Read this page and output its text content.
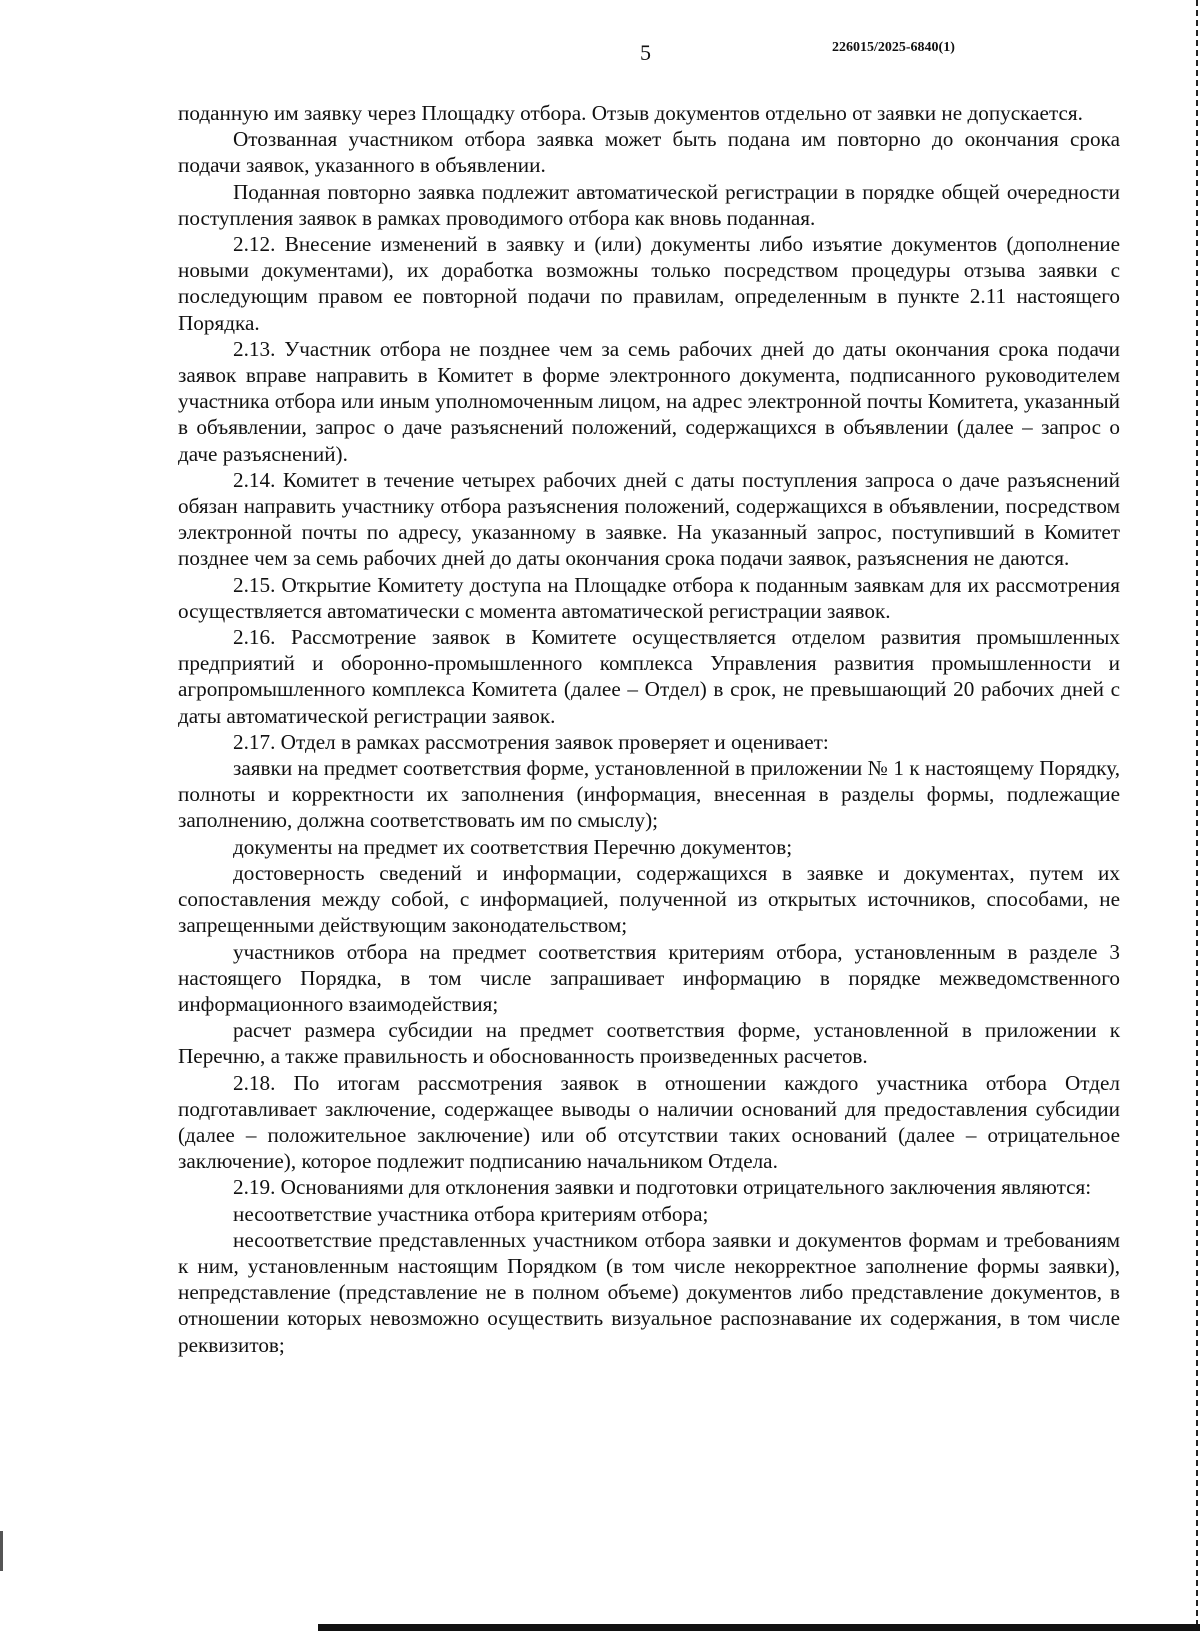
5	226015/2025-6840(1)

поданную им заявку через Площадку отбора. Отзыв документов отдельно от заявки не допускается.

Отозванная участником отбора заявка может быть подана им повторно до окончания срока подачи заявок, указанного в объявлении.

Поданная повторно заявка подлежит автоматической регистрации в порядке общей очередности поступления заявок в рамках проводимого отбора как вновь поданная.

2.12. Внесение изменений в заявку и (или) документы либо изъятие документов (дополнение новыми документами), их доработка возможны только посредством процедуры отзыва заявки с последующим правом ее повторной подачи по правилам, определенным в пункте 2.11 настоящего Порядка.

2.13. Участник отбора не позднее чем за семь рабочих дней до даты окончания срока подачи заявок вправе направить в Комитет в форме электронного документа, подписанного руководителем участника отбора или иным уполномоченным лицом, на адрес электронной почты Комитета, указанный в объявлении, запрос о даче разъяснений положений, содержащихся в объявлении (далее – запрос о даче разъяснений).

2.14. Комитет в течение четырех рабочих дней с даты поступления запроса о даче разъяснений обязан направить участнику отбора разъяснения положений, содержащихся в объявлении, посредством электронной почты по адресу, указанному в заявке. На указанный запрос, поступивший в Комитет позднее чем за семь рабочих дней до даты окончания срока подачи заявок, разъяснения не даются.

2.15. Открытие Комитету доступа на Площадке отбора к поданным заявкам для их рассмотрения осуществляется автоматически с момента автоматической регистрации заявок.

2.16. Рассмотрение заявок в Комитете осуществляется отделом развития промышленных предприятий и оборонно-промышленного комплекса Управления развития промышленности и агропромышленного комплекса Комитета (далее – Отдел) в срок, не превышающий 20 рабочих дней с даты автоматической регистрации заявок.

2.17. Отдел в рамках рассмотрения заявок проверяет и оценивает:

заявки на предмет соответствия форме, установленной в приложении № 1 к настоящему Порядку, полноты и корректности их заполнения (информация, внесенная в разделы формы, подлежащие заполнению, должна соответствовать им по смыслу);

документы на предмет их соответствия Перечню документов;

достоверность сведений и информации, содержащихся в заявке и документах, путем их сопоставления между собой, с информацией, полученной из открытых источников, способами, не запрещенными действующим законодательством;

участников отбора на предмет соответствия критериям отбора, установленным в разделе 3 настоящего Порядка, в том числе запрашивает информацию в порядке межведомственного информационного взаимодействия;

расчет размера субсидии на предмет соответствия форме, установленной в приложении к Перечню, а также правильность и обоснованность произведенных расчетов.

2.18. По итогам рассмотрения заявок в отношении каждого участника отбора Отдел подготавливает заключение, содержащее выводы о наличии оснований для предоставления субсидии (далее – положительное заключение) или об отсутствии таких оснований (далее – отрицательное заключение), которое подлежит подписанию начальником Отдела.

2.19. Основаниями для отклонения заявки и подготовки отрицательного заключения являются:

несоответствие участника отбора критериям отбора;

несоответствие представленных участником отбора заявки и документов формам и требованиям к ним, установленным настоящим Порядком (в том числе некорректное заполнение формы заявки), непредставление (представление не в полном объеме) документов либо представление документов, в отношении которых невозможно осуществить визуальное распознавание их содержания, в том числе реквизитов;
